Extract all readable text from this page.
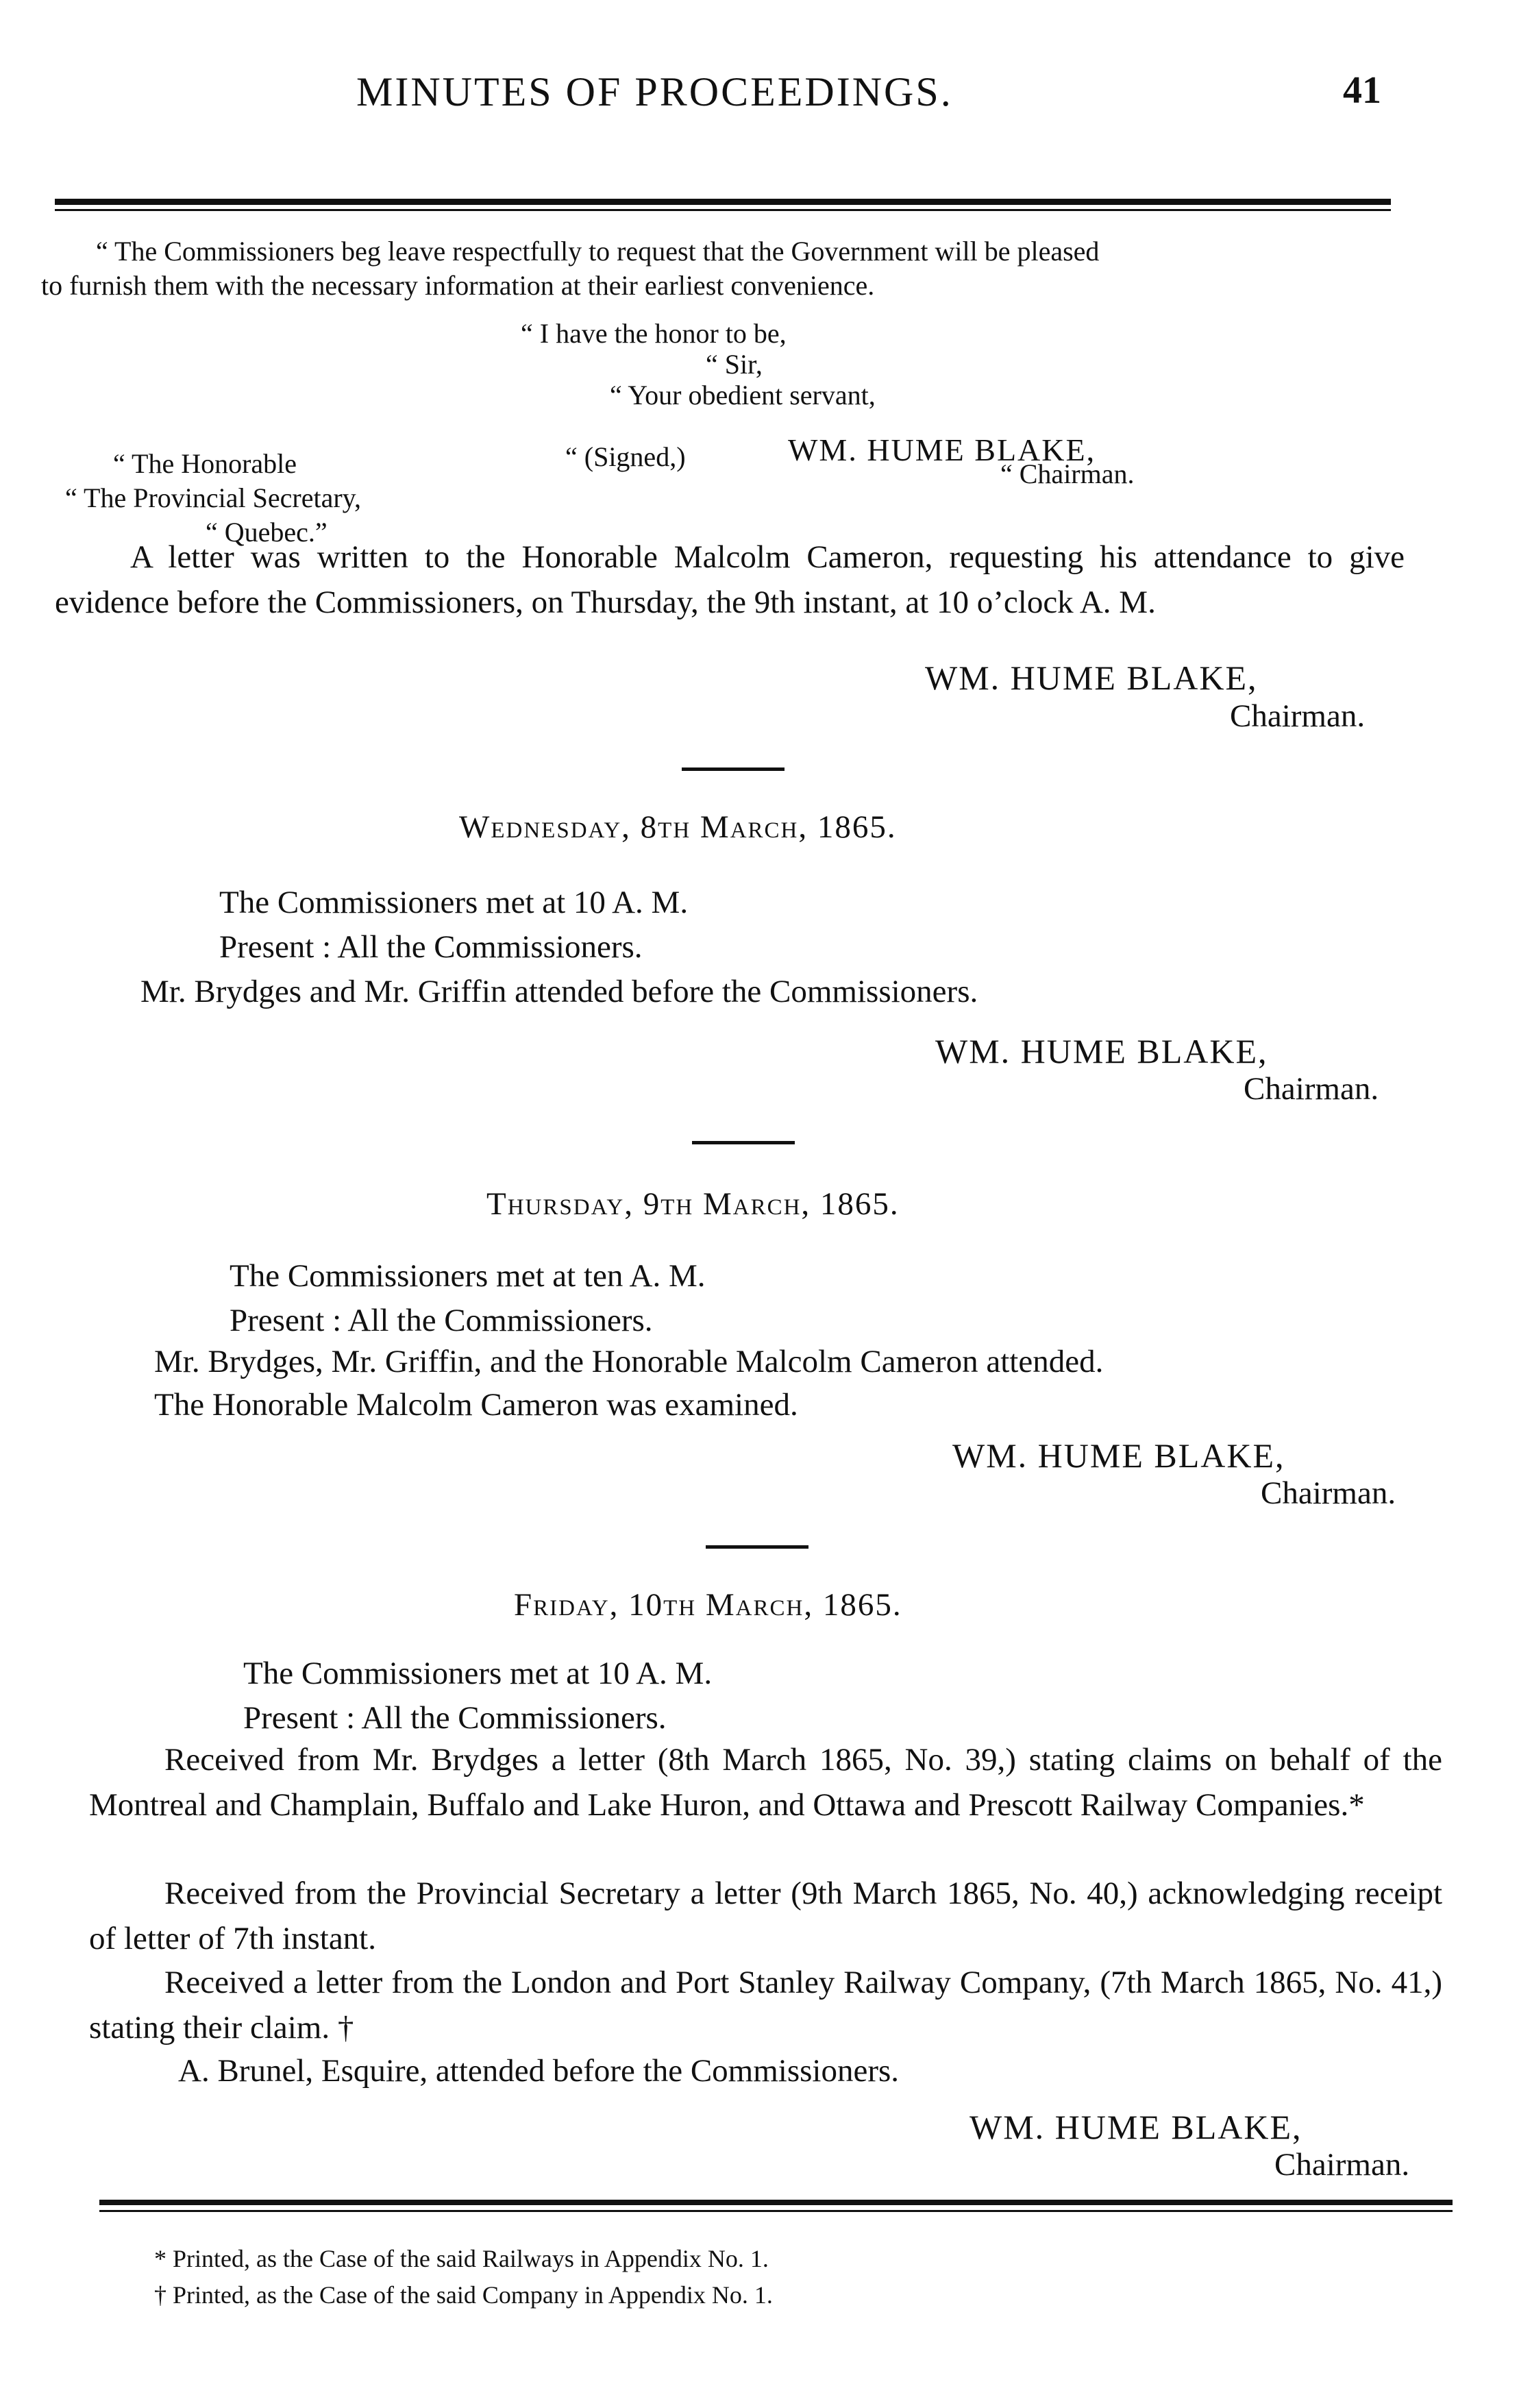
MINUTES OF PROCEEDINGS.	41
“ The Commissioners beg leave respectfully to request that the Government will be pleased
to furnish them with the necessary information at their earliest convenience.
“ I have the honor to be,
“ Sir,
“ Your obedient servant,
“ The Honorable
“ The Provincial Secretary,
“ Quebec.”
“ (Signed,)	WM. HUME BLAKE,
“ Chairman.
A letter was written to the Honorable Malcolm Cameron, requesting his attendance to give evidence before the Commissioners, on Thursday, the 9th instant, at 10 o’clock A. M.
WM. HUME BLAKE,
Chairman.
Wednesday, 8th March, 1865.
The Commissioners met at 10 A. M.
Present : All the Commissioners.
Mr. Brydges and Mr. Griffin attended before the Commissioners.
WM. HUME BLAKE,
Chairman.
Thursday, 9th March, 1865.
The Commissioners met at ten A. M.
Present : All the Commissioners.
Mr. Brydges, Mr. Griffin, and the Honorable Malcolm Cameron attended.
The Honorable Malcolm Cameron was examined.
WM. HUME BLAKE,
Chairman.
Friday, 10th March, 1865.
The Commissioners met at 10 A. M.
Present : All the Commissioners.
Received from Mr. Brydges a letter (8th March 1865, No. 39,) stating claims on behalf of the Montreal and Champlain, Buffalo and Lake Huron, and Ottawa and Prescott Railway Companies.*
Received from the Provincial Secretary a letter (9th March 1865, No. 40,) acknowledging receipt of letter of 7th instant.
Received a letter from the London and Port Stanley Railway Company, (7th March 1865, No. 41,) stating their claim. †
A. Brunel, Esquire, attended before the Commissioners.
WM. HUME BLAKE,
Chairman.
* Printed, as the Case of the said Railways in Appendix No. 1.
† Printed, as the Case of the said Company in Appendix No. 1.
